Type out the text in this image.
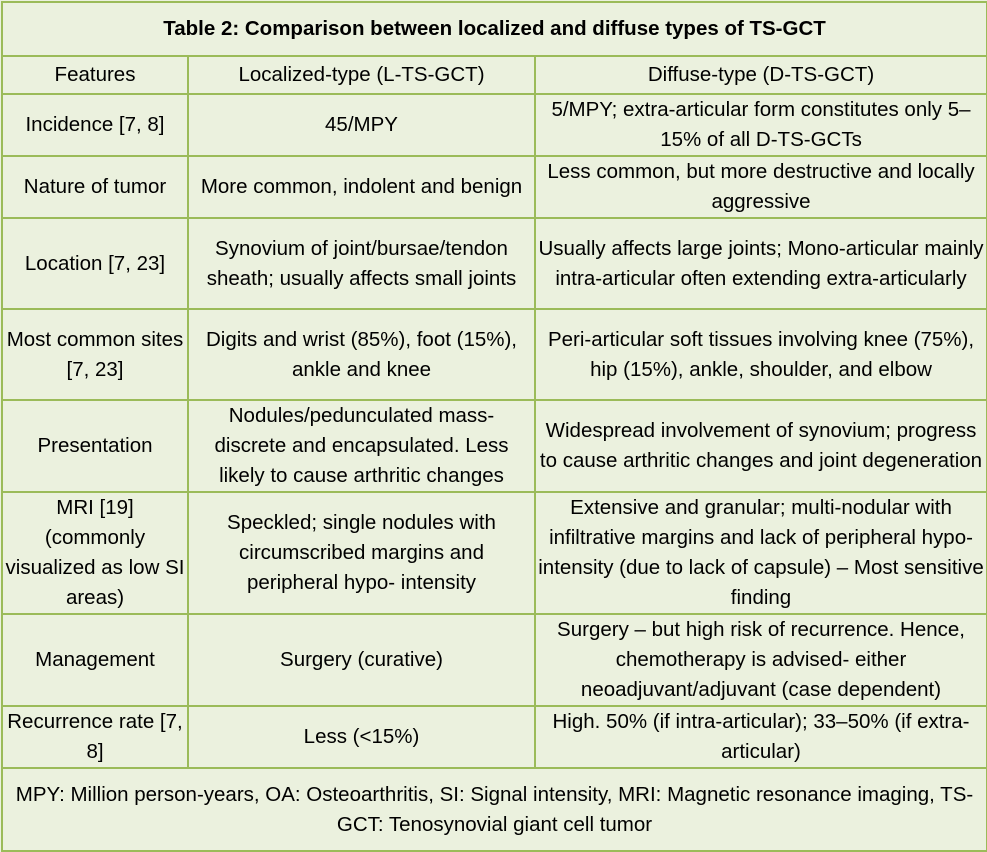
Table 2: Comparison between localized and diffuse types of TS-GCT		
Features	Localized-type (L-TS-GCT)	Diffuse-type (D-TS-GCT)
Incidence [7, 8]	45/MPY	5/MPY; extra-articular form constitutes only 5–15% of all D-TS-GCTs
Nature of tumor	More common, indolent and benign	Less common, but more destructive and locally aggressive
Location [7, 23]	Synovium of joint/bursae/tendon sheath; usually affects small joints	Usually affects large joints; Mono-articular mainly intra-articular often extending extra-articularly
Most common sites [7, 23]	Digits and wrist (85%), foot (15%), ankle and knee	Peri-articular soft tissues involving knee (75%), hip (15%), ankle, shoulder, and elbow
Presentation	Nodules/pedunculated mass- discrete and encapsulated. Less likely to cause arthritic changes	Widespread involvement of synovium; progress to cause arthritic changes and joint degeneration
MRI [19] (commonly visualized as low SI areas)	Speckled; single nodules with circumscribed margins and peripheral hypo- intensity	Extensive and granular; multi-nodular with infiltrative margins and lack of peripheral hypo-intensity (due to lack of capsule) – Most sensitive finding
Management	Surgery (curative)	Surgery – but high risk of recurrence. Hence, chemotherapy is advised- either neoadjuvant/adjuvant (case dependent)
Recurrence rate [7, 8]	Less (<15%)	High. 50% (if intra-articular); 33–50% (if extra-articular)
MPY: Million person-years, OA: Osteoarthritis, SI: Signal intensity, MRI: Magnetic resonance imaging, TS-GCT: Tenosynovial giant cell tumor		
